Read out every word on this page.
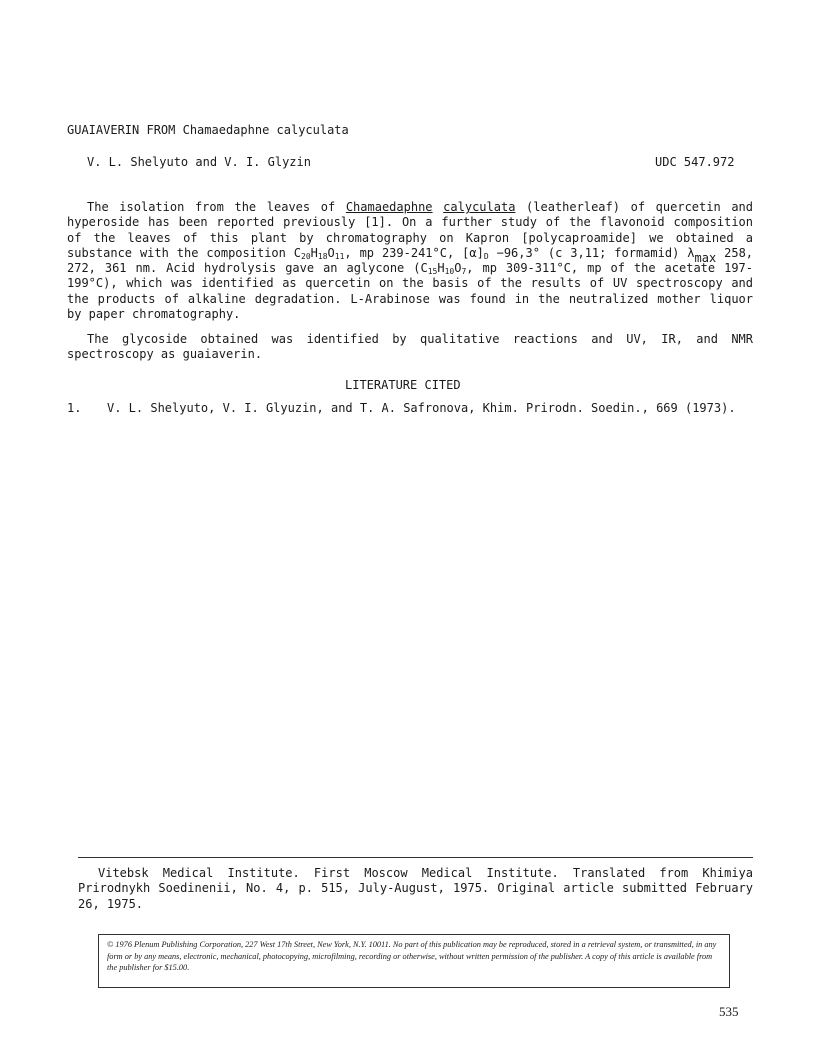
GUAIAVERIN FROM Chamaedaphne calyculata
V. L. Shelyuto and V. I. Glyzin	UDC 547.972
The isolation from the leaves of Chamaedaphne calyculata (leatherleaf) of quercetin and hyperoside has been reported previously [1]. On a further study of the flavonoid composition of the leaves of this plant by chromatography on Kapron [polycaproamide] we obtained a substance with the composition $C_{20}H_{18}O_{11}$, mp 239-241°C, $[\alpha]_D -96,3^\circ$ (c 3,11; formamid) λmax 258, 272, 361 nm. Acid hydrolysis gave an aglycone ($C_{15}H_{10}O_7$, mp 309-311°C, mp of the acetate 197-199°C), which was identified as quercetin on the basis of the results of UV spectroscopy and the products of alkaline degradation. L-Arabinose was found in the neutralized mother liquor by paper chromatography.
The glycoside obtained was identified by qualitative reactions and UV, IR, and NMR spectroscopy as guaiaverin.
LITERATURE CITED
1. V. L. Shelyuto, V. I. Glyuzin, and T. A. Safronova, Khim. Prirodn. Soedin., 669 (1973).
Vitebsk Medical Institute. First Moscow Medical Institute. Translated from Khimiya Prirodnykh Soedinenii, No. 4, p. 515, July-August, 1975. Original article submitted February 26, 1975.
© 1976 Plenum Publishing Corporation, 227 West 17th Street, New York, N.Y. 10011. No part of this publication may be reproduced, stored in a retrieval system, or transmitted, in any form or by any means, electronic, mechanical, photocopying, microfilming, recording or otherwise, without written permission of the publisher. A copy of this article is available from the publisher for $15.00.
535
